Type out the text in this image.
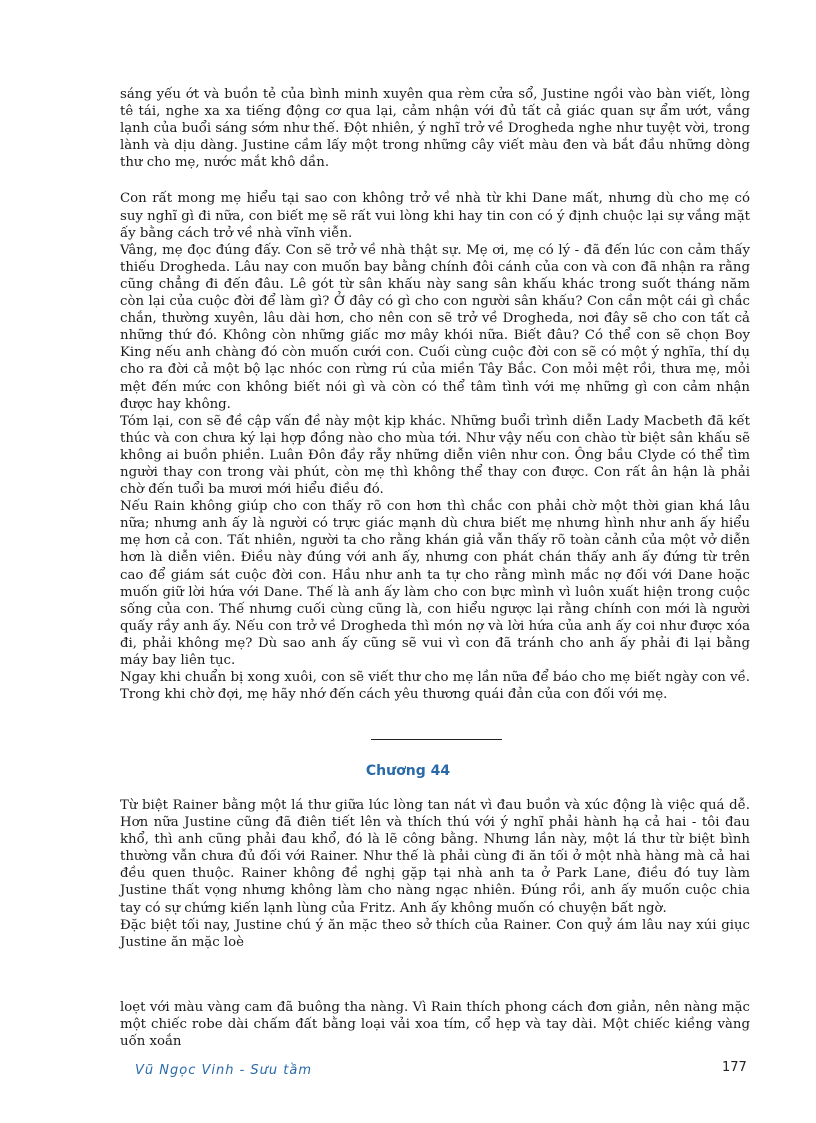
sáng yếu ớt và buồn tẻ của bình minh xuyên qua rèm cửa sổ, Justine ngồi vào bàn viết, lòng tê tái, nghe xa xa tiếng động cơ qua lại, cảm nhận với đủ tất cả giác quan sự ẩm ướt, vắng lạnh của buổi sáng sớm như thế. Đột nhiên, ý nghĩ trở về Drogheda nghe như tuyệt vời, trong lành và dịu dàng. Justine cầm lấy một trong những cây viết màu đen và bắt đầu những dòng thư cho mẹ, nước mắt khô dần.

Con rất mong mẹ hiểu tại sao con không trở về nhà từ khi Dane mất, nhưng dù cho mẹ có suy nghĩ gì đi nữa, con biết mẹ sẽ rất vui lòng khi hay tin con có ý định chuộc lại sự vắng mặt ấy bằng cách trở về nhà vĩnh viễn.

Vâng, mẹ đọc đúng đấy. Con sẽ trở về nhà thật sự. Mẹ ơi, mẹ có lý - đã đến lúc con cảm thấy thiếu Drogheda. Lâu nay con muốn bay bằng chính đôi cánh của con và con đã nhận ra rằng cũng chẳng đi đến đâu. Lê gót từ sân khấu này sang sân khấu khác trong suốt tháng năm còn lại của cuộc đời để làm gì? Ở đây có gì cho con người sân khấu? Con cần một cái gì chắc chắn, thường xuyên, lâu dài hơn, cho nên con sẽ trở về Drogheda, nơi đây sẽ cho con tất cả những thứ đó. Không còn những giấc mơ mây khói nữa. Biết đâu? Có thể con sẽ chọn Boy King nếu anh chàng đó còn muốn cưới con. Cuối cùng cuộc đời con sẽ có một ý nghĩa, thí dụ cho ra đời cả một bộ lạc nhóc con rừng rú của miền Tây Bắc. Con mỏi mệt rồi, thưa mẹ, mỏi mệt đến mức con không biết nói gì và còn có thể tâm tình với mẹ những gì con cảm nhận được hay không.

Tóm lại, con sẽ đề cập vấn đề này một kịp khác. Những buổi trình diễn Lady Macbeth đã kết thúc và con chưa ký lại hợp đồng nào cho mùa tới. Như vậy nếu con chào từ biệt sân khấu sẽ không ai buồn phiền. Luân Đôn đầy rẫy những diễn viên như con. Ông bầu Clyde có thể tìm người thay con trong vài phút, còn mẹ thì không thể thay con được. Con rất ân hận là phải chờ đến tuổi ba mươi mới hiểu điều đó.

Nếu Rain không giúp cho con thấy rõ con hơn thì chắc con phải chờ một thời gian khá lâu nữa; nhưng anh ấy là người có trực giác mạnh dù chưa biết mẹ nhưng hình như anh ấy hiểu mẹ hơn cả con. Tất nhiên, người ta cho rằng khán giả vẫn thấy rõ toàn cảnh của một vở diễn hơn là diễn viên. Điều này đúng với anh ấy, nhưng con phát chán thấy anh ấy đứng từ trên cao để giám sát cuộc đời con. Hầu như anh ta tự cho rằng mình mắc nợ đối với Dane hoặc muốn giữ lời hứa với Dane. Thế là anh ấy làm cho con bực mình vì luôn xuất hiện trong cuộc sống của con. Thế nhưng cuối cùng cũng là, con hiểu ngược lại rằng chính con mới là người quấy rầy anh ấy. Nếu con trở về Drogheda thì món nợ và lời hứa của anh ấy coi như được xóa đi, phải không mẹ? Dù sao anh ấy cũng sẽ vui vì con đã tránh cho anh ấy phải đi lại bằng máy bay liên tục.

Ngay khi chuẩn bị xong xuôi, con sẽ viết thư cho mẹ lần nữa để báo cho mẹ biết ngày con về. Trong khi chờ đợi, mẹ hãy nhớ đến cách yêu thương quái đản của con đối với mẹ.

Chương 44

Từ biệt Rainer bằng một lá thư giữa lúc lòng tan nát vì đau buồn và xúc động là việc quá dễ. Hơn nữa Justine cũng đã điên tiết lên và thích thú với ý nghĩ phải hành hạ cả hai - tôi đau khổ, thì anh cũng phải đau khổ, đó là lẽ công bằng. Nhưng lần này, một lá thư từ biệt bình thường vẫn chưa đủ đối với Rainer. Như thế là phải cùng đi ăn tối ở một nhà hàng mà cả hai đều quen thuộc. Rainer không đề nghị gặp tại nhà anh ta ở Park Lane, điều đó tuy làm Justine thất vọng nhưng không làm cho nàng ngạc nhiên. Đúng rồi, anh ấy muốn cuộc chia tay có sự chứng kiến lạnh lùng của Fritz. Anh ấy không muốn có chuyện bất ngờ.

Đặc biệt tối nay, Justine chú ý ăn mặc theo sở thích của Rainer. Con quỷ ám lâu nay xúi giục Justine ăn mặc loè

loẹt với màu vàng cam đã buông tha nàng. Vì Rain thích phong cách đơn giản, nên nàng mặc một chiếc robe dài chấm đất bằng loại vải xoa tím, cổ hẹp và tay dài. Một chiếc kiềng vàng uốn xoắn

Vũ Ngọc Vinh - Sưu tầm	177
